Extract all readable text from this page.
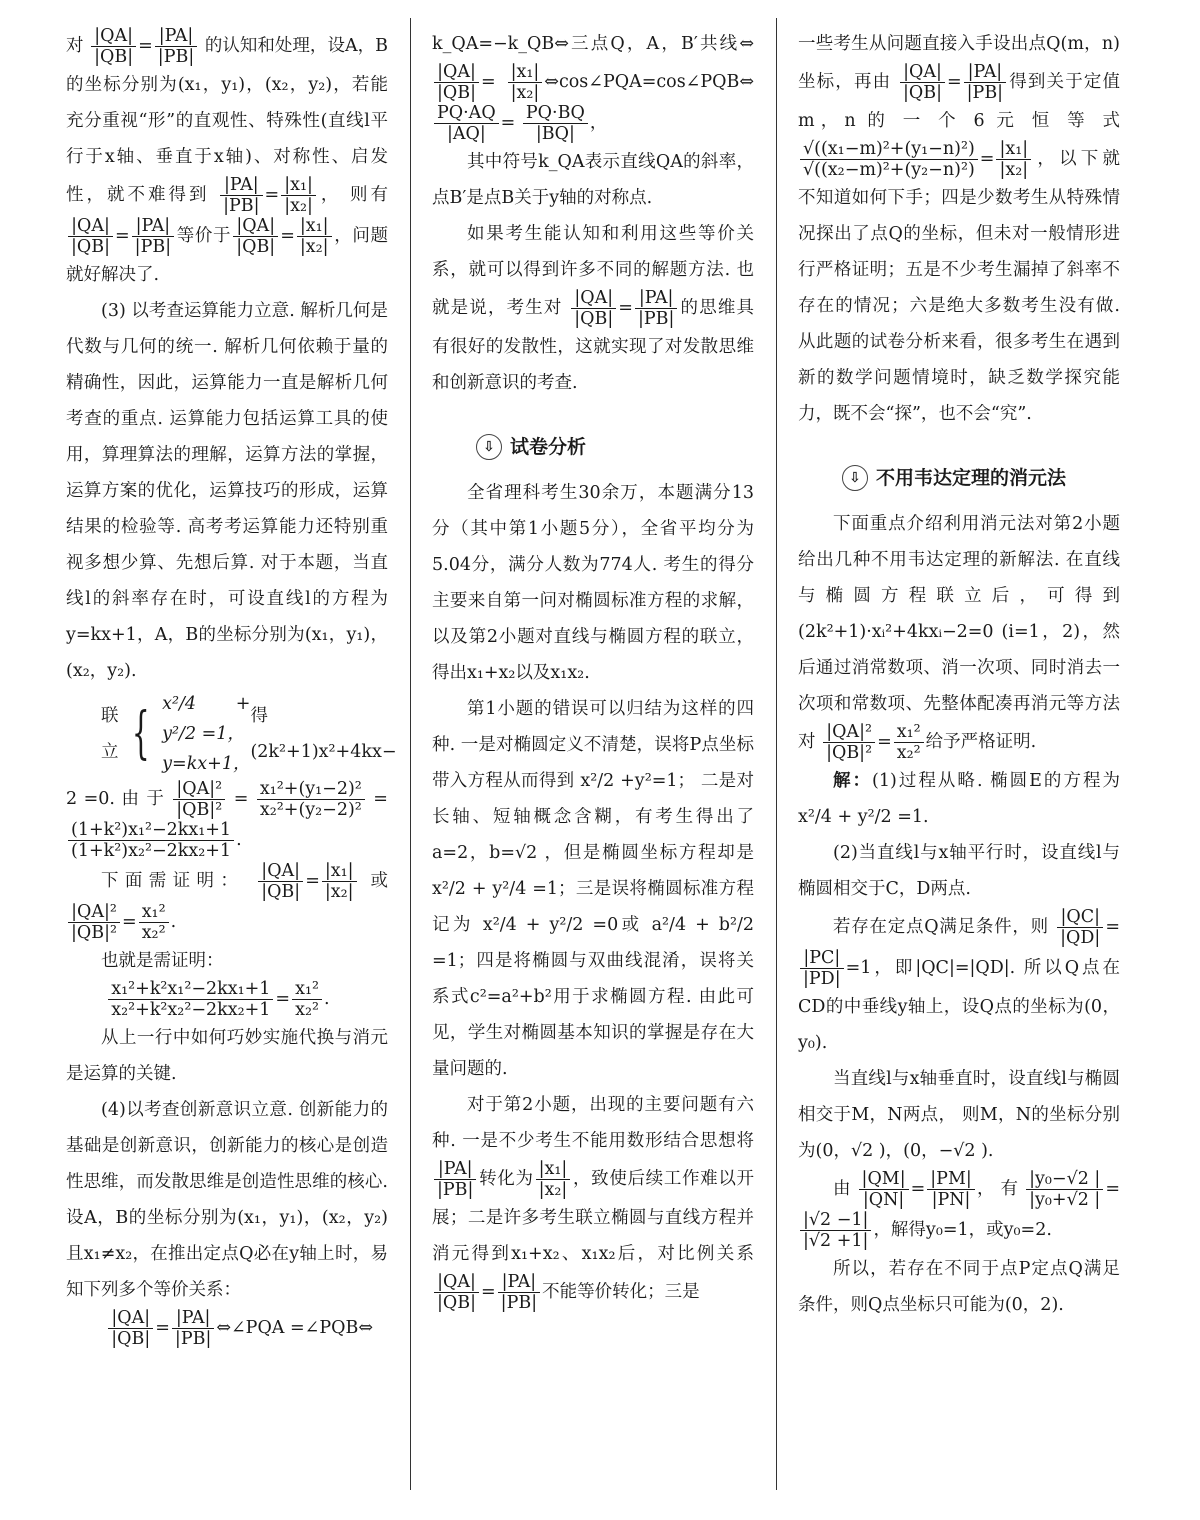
对 $\frac{|QA|}{|QB|} = \frac{|PA|}{|PB|}$ 的认知和处理，设A，B的坐标分别为(x₁，y₁)，(x₂，y₂)，若能充分重视“形”的直观性、特殊性(直线l平行于x轴、垂直于x轴)、对称性、启发性，就不难得到 $\frac{|PA|}{|PB|} = \frac{\text{|x₁|}}{\text{|x₂|}}$ ， 则有
$\frac{|QA|}{|QB|} = \frac{|PA|}{|PB|}$ 等价于 $\frac{|QA|}{|QB|} = \frac{\text{|x₁|}}{\text{|x₂|}}$ ，问题就好解决了.

(3) 以考查运算能力立意. 解析几何是代数与几何的统一. 解析几何依赖于量的精确性，因此，运算能力一直是解析几何考查的重点. 运算能力包括运算工具的使用，算理算法的理解，运算方法的掌握，运算方案的优化，运算技巧的形成，运算结果的检验等. 高考考运算能力还特别重视多想少算、先想后算. 对于本题，当直线l的斜率存在时，可设直线l的方程为y=kx+1，A，B的坐标分别为(x₁，y₁)，(x₂，y₂).

联立 { x²/4 + y²/2 =1，
y=kx+1，
得(2k²+1)x²+4kx−

2 =0. 由 于 $\frac{\text{|QA|²}}{\text{|QB|²}} = \frac{\text{x₁²+(y₁−2)²}}{\text{x₂²+(y₂−2)²}}$ =
$\frac{\text{(1+k²)x₁²−2kx₁+1}}{\text{(1+k²)x₂²−2kx₂+1}}$ .

下面需证明： $\frac{|QA|}{|QB|} = \frac{\text{|x₁|}}{\text{|x₂|}}$ 或
$\frac{\text{|QA|²}}{\text{|QB|²}} = \frac{\text{x₁²}}{\text{x₂²}}$ .

也就是需证明：

$\frac{\text{x₁²+k²x₁²−2kx₁+1}}{\text{x₂²+k²x₂²−2kx₂+1}} = \frac{\text{x₁²}}{\text{x₂²}}$ .

从上一行中如何巧妙实施代换与消元是运算的关键.

(4)以考查创新意识立意. 创新能力的基础是创新意识，创新能力的核心是创造性思维，而发散思维是创造性思维的核心. 设A，B的坐标分别为(x₁，y₁)，(x₂，y₂)且x₁≠x₂，在推出定点Q必在y轴上时，易知下列多个等价关系：

$\frac{|QA|}{|QB|} = \frac{|PA|}{|PB|}$ ⇔∠PQA =∠PQB⇔

k_QA=−k_QB⇔三点Q，A，B′共线⇔
$\frac{|QA|}{|QB|} = \frac{\text{|x₁|}}{\text{|x₂|}}$ ⇔cos∠PQA=cos∠PQB⇔
$\frac{PQ\cdot AQ}{|AQ|} = \frac{PQ\cdot BQ}{|BQ|}$ ，

其中符号k_QA表示直线QA的斜率，点B′是点B关于y轴的对称点.

如果考生能认知和利用这些等价关系，就可以得到许多不同的解题方法. 也就是说，考生对 $\frac{|QA|}{|QB|} = \frac{|PA|}{|PB|}$ 的思维具有很好的发散性，这就实现了对发散思维和创新意识的考查.

⇩ 试卷分析

全省理科考生30余万，本题满分13分（其中第1小题5分），全省平均分为5.04分，满分人数为774人. 考生的得分主要来自第一问对椭圆标准方程的求解，以及第2小题对直线与椭圆方程的联立，得出x₁+x₂以及x₁x₂.

第1小题的错误可以归结为这样的四种. 一是对椭圆定义不清楚，误将P点坐标带入方程从而得到 x²/2 +y²=1； 二是对长轴、短轴概念含糊，有考生得出了a=2，b=√2 ，但是椭圆坐标方程却是 x²/2 + y²/4 =1；三是误将椭圆标准方程记为 x²/4 + y²/2 =0或 a²/4 + b²/2 =1；四是将椭圆与双曲线混淆，误将关系式c²=a²+b²用于求椭圆方程. 由此可见，学生对椭圆基本知识的掌握是存在大量问题的.

对于第2小题，出现的主要问题有六种. 一是不少考生不能用数形结合思想将
$\frac{|PA|}{|PB|}$ 转化为 $\frac{\text{|x₁|}}{\text{|x₂|}}$ ，致使后续工作难以开展；二是许多考生联立椭圆与直线方程并消元得到x₁+x₂、x₁x₂后，对比例关系
$\frac{|QA|}{|QB|} = \frac{|PA|}{|PB|}$ 不能等价转化；三是

一些考生从问题直接入手设出点Q(m，n)坐标，再由 $\frac{|QA|}{|QB|} = \frac{|PA|}{|PB|}$ 得到关于定值 m，n 的 一 个 6 元 恒 等 式
$\frac{\text{√((x₁−m)²+(y₁−n)²)}}{\text{√((x₂−m)²+(y₂−n)²)}} = \frac{\text{|x₁|}}{\text{|x₂|}}$ ，以下就不知道如何下手；四是少数考生从特殊情况探出了点Q的坐标，但未对一般情形进行严格证明；五是不少考生漏掉了斜率不存在的情况；六是绝大多数考生没有做. 从此题的试卷分析来看，很多考生在遇到新的数学问题情境时，缺乏数学探究能力，既不会“探”，也不会“究”.

⇩ 不用韦达定理的消元法

下面重点介绍利用消元法对第2小题给出几种不用韦达定理的新解法. 在直线与椭圆方程联立后，可得到(2k²+1)·xᵢ²+4kxᵢ−2=0 (i=1，2)，然后通过消常数项、消一次项、同时消去一次项和常数项、先整体配凑再消元等方法对 $\frac{\text{|QA|²}}{\text{|QB|²}} = \frac{\text{x₁²}}{\text{x₂²}}$ 给予严格证明.

解：(1)过程从略. 椭圆E的方程为 x²/4 + y²/2 =1.

(2)当直线l与x轴平行时，设直线l与椭圆相交于C，D两点.

若存在定点Q满足条件，则 $\frac{|QC|}{|QD|}$ =
$\frac{|PC|}{|PD|} =1$，即|QC|=|QD|. 所以Q点在CD的中垂线y轴上，设Q点的坐标为(0，y₀).

当直线l与x轴垂直时，设直线l与椭圆相交于M，N两点， 则M，N的坐标分别为(0，√2 )，(0，−√2 ).

由 $\frac{|QM|}{|QN|} = \frac{|PM|}{|PN|}$ ， 有 $\frac{\text{|y₀−√2 |}}{\text{|y₀+√2 |}}$ =
$\frac{|√2 -1|}{|√2 +1|}$ ，解得y₀=1，或y₀=2.

所以，若存在不同于点P定点Q满足条件，则Q点坐标只可能为(0，2).
